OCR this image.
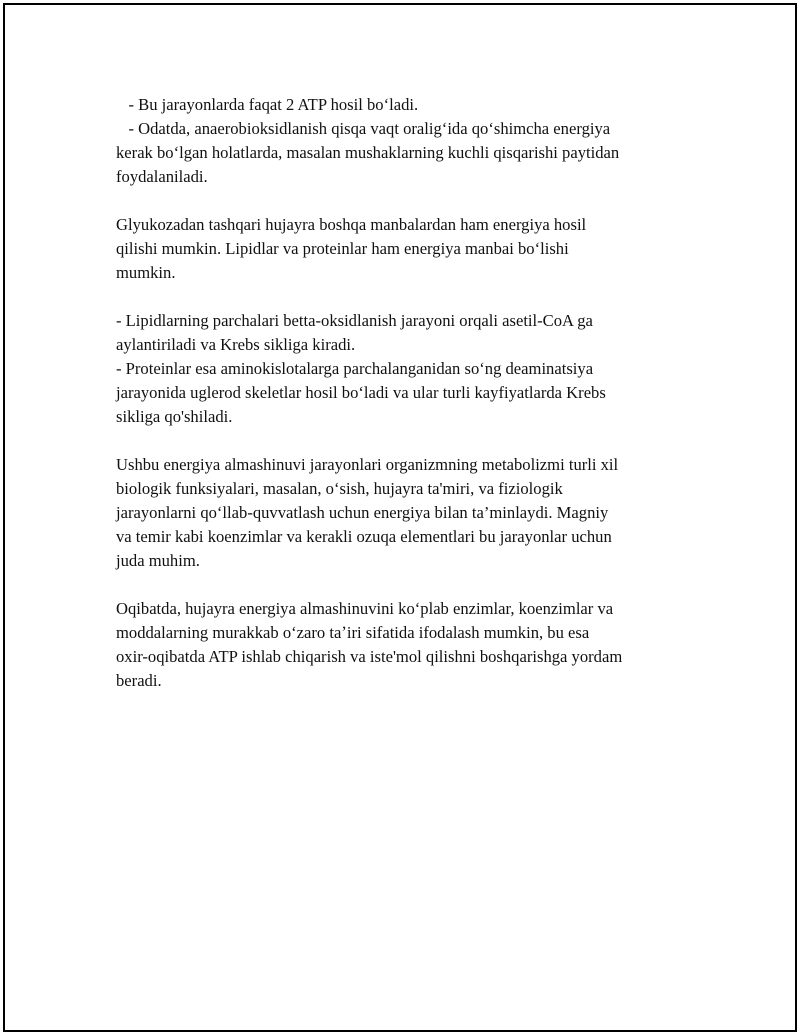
- Bu jarayonlarda faqat 2 ATP hosil boʻladi.
- Odatda, anaerobioksidlanish qisqa vaqt oraligʻida qoʻshimcha energiya
kerak boʻlgan holatlarda, masalan mushaklarning kuchli qisqarishi paytidan
foydalaniladi.

Glyukozadan tashqari hujayra boshqa manbalardan ham energiya hosil
qilishi mumkin. Lipidlar va proteinlar ham energiya manbai boʻlishi
mumkin.

- Lipidlarning parchalari betta-oksidlanish jarayoni orqali asetil-CoA ga
aylantiriladi va Krebs sikliga kiradi.
- Proteinlar esa aminokislotalarga parchalanganidan soʻng deaminatsiya
jarayonida uglerod skeletlar hosil boʻladi va ular turli kayfiyatlarda Krebs
sikliga qo'shiladi.

Ushbu energiya almashinuvi jarayonlari organizmning metabolizmi turli xil
biologik funksiyalari, masalan, oʻsish, hujayra ta'miri, va fiziologik
jarayonlarni qoʻllab-quvvatlash uchun energiya bilan ta’minlaydi. Magniy
va temir kabi koenzimlar va kerakli ozuqa elementlari bu jarayonlar uchun
juda muhim.

Oqibatda, hujayra energiya almashinuvini koʻplab enzimlar, koenzimlar va
moddalarning murakkab oʻzaro taʼiri sifatida ifodalash mumkin, bu esa
oxir-oqibatda ATP ishlab chiqarish va iste'mol qilishni boshqarishga yordam
beradi.
